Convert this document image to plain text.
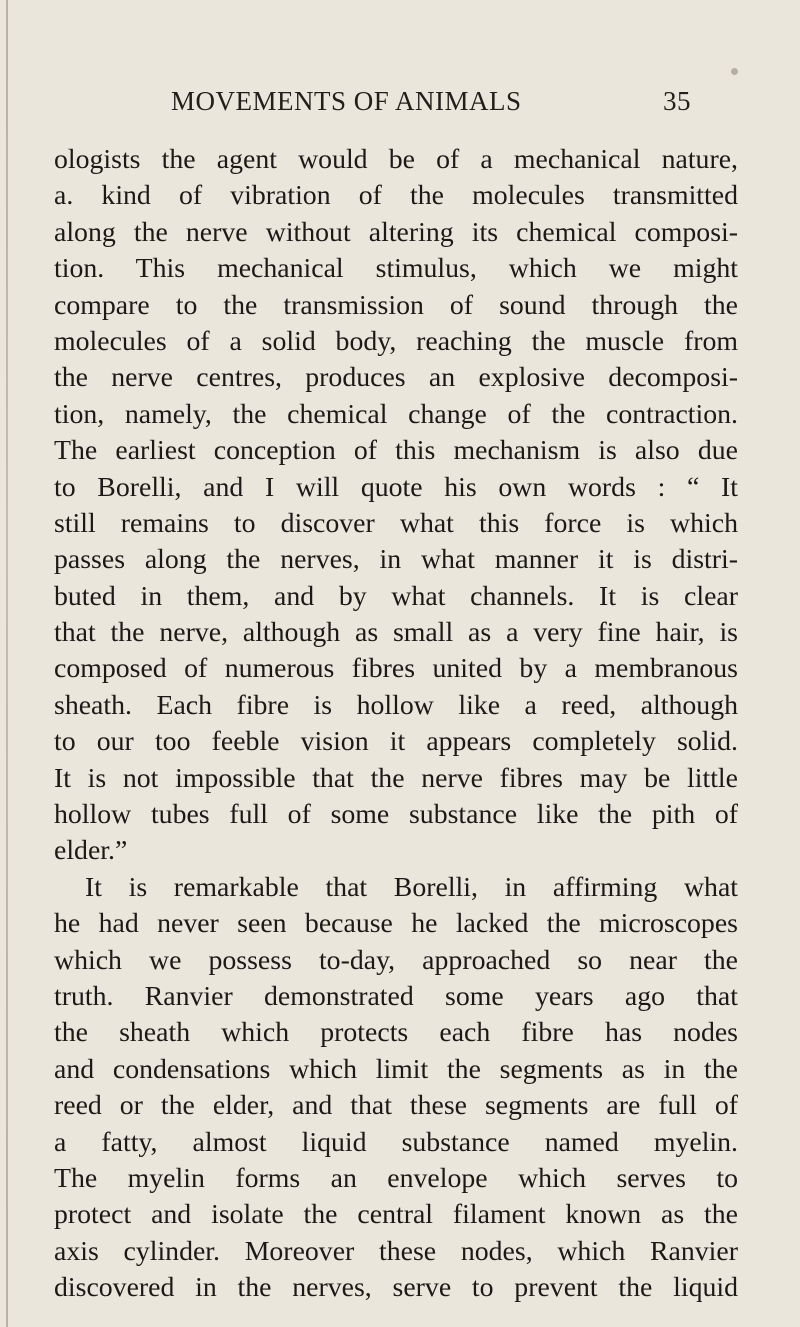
MOVEMENTS OF ANIMALS	35
ologists the agent would be of a mechanical nature,
a. kind of vibration of the molecules transmitted
along the nerve without altering its chemical composi-
tion. This mechanical stimulus, which we might
compare to the transmission of sound through the
molecules of a solid body, reaching the muscle from
the nerve centres, produces an explosive decomposi-
tion, namely, the chemical change of the contraction.
The earliest conception of this mechanism is also due
to Borelli, and I will quote his own words : “ It
still remains to discover what this force is which
passes along the nerves, in what manner it is distri-
buted in them, and by what channels. It is clear
that the nerve, although as small as a very fine hair, is
composed of numerous fibres united by a membranous
sheath. Each fibre is hollow like a reed, although
to our too feeble vision it appears completely solid.
It is not impossible that the nerve fibres may be little
hollow tubes full of some substance like the pith of
elder.”
It is remarkable that Borelli, in affirming what
he had never seen because he lacked the microscopes
which we possess to-day, approached so near the
truth. Ranvier demonstrated some years ago that
the sheath which protects each fibre has nodes
and condensations which limit the segments as in the
reed or the elder, and that these segments are full of
a fatty, almost liquid substance named myelin.
The myelin forms an envelope which serves to
protect and isolate the central filament known as the
axis cylinder. Moreover these nodes, which Ranvier
discovered in the nerves, serve to prevent the liquid
